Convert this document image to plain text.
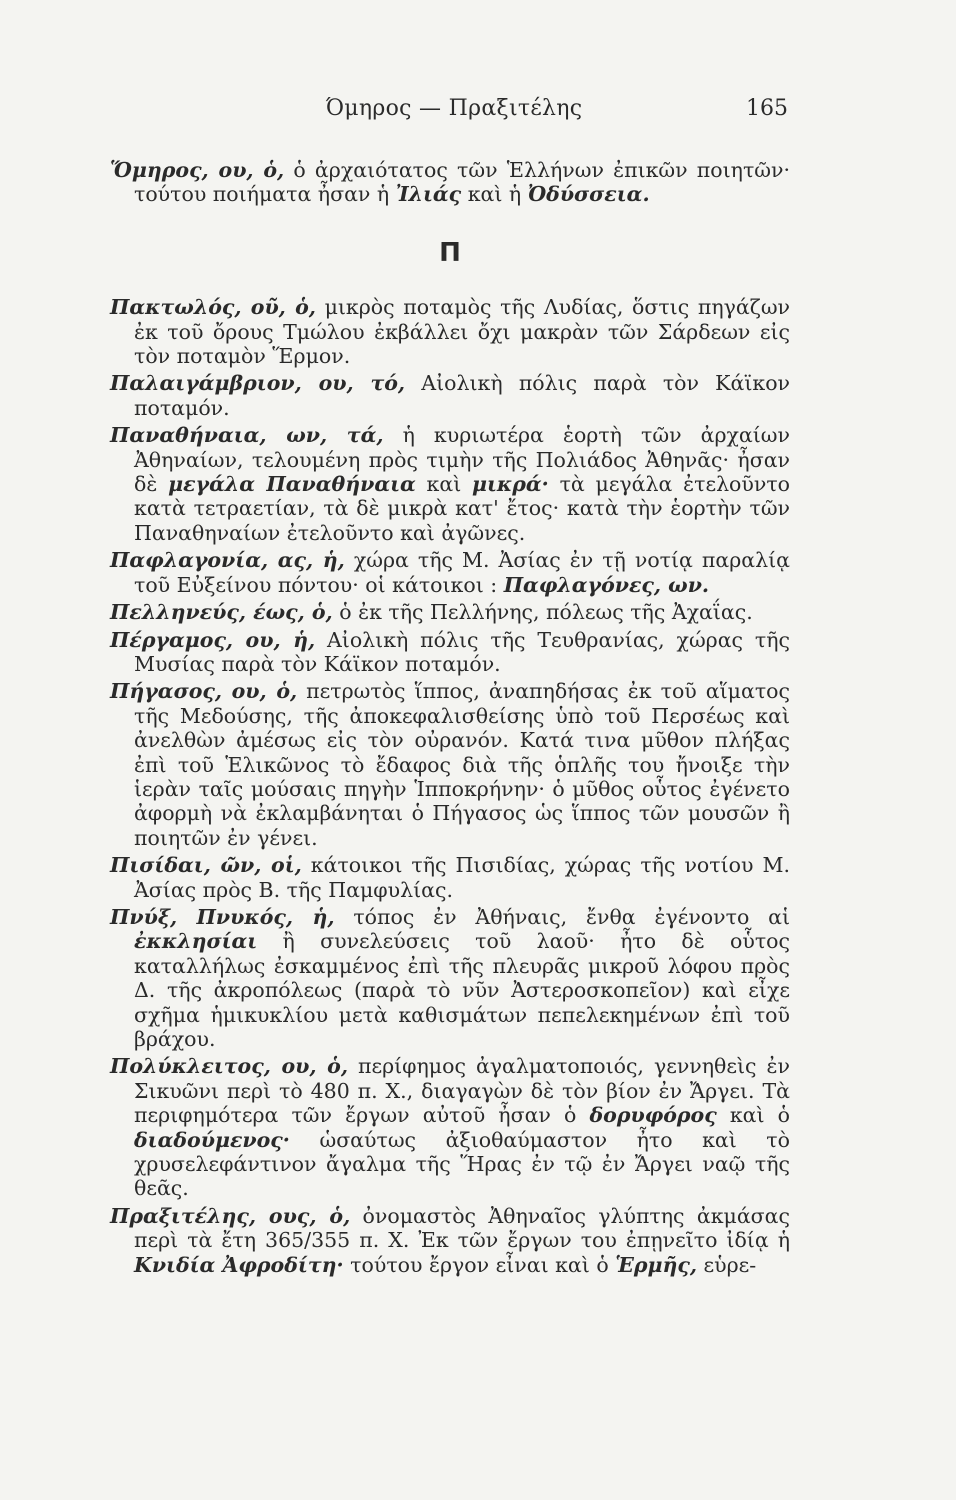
Όμηρος — Πραξιτέλης	165

Ὅμηρος, ου, ὁ, ὁ ἀρχαιότατος τῶν Ἑλλήνων ἐπικῶν ποιητῶν· τούτου ποιήματα ἦσαν ἡ Ἰλιάς καὶ ἡ Ὀδύσσεια.

Π

Πακτωλός, οῦ, ὁ, μικρὸς ποταμὸς τῆς Λυδίας, ὅστις πηγάζων ἐκ τοῦ ὄρους Τμώλου ἐκβάλλει ὄχι μακρὰν τῶν Σάρδεων εἰς τὸν ποταμὸν Ἕρμον.

Παλαιγάμβριον, ου, τό, Αἰολικὴ πόλις παρὰ τὸν Κάϊκον ποταμόν.

Παναθήναια, ων, τά, ἡ κυριωτέρα ἑορτὴ τῶν ἀρχαίων Ἀθηναίων, τελουμένη πρὸς τιμὴν τῆς Πολιάδος Ἀθηνᾶς· ἦσαν δὲ μεγάλα Παναθήναια καὶ μικρά· τὰ μεγάλα ἐτελοῦντο κατὰ τετραετίαν, τὰ δὲ μικρὰ κατ' ἔτος· κατὰ τὴν ἑορτὴν τῶν Παναθηναίων ἐτελοῦντο καὶ ἀγῶνες.

Παφλαγονία, ας, ἡ, χώρα τῆς Μ. Ἀσίας ἐν τῇ νοτίᾳ παραλίᾳ τοῦ Εὐξείνου πόντου· οἱ κάτοικοι : Παφλαγόνες, ων.

Πελληνεύς, έως, ὁ, ὁ ἐκ τῆς Πελλήνης, πόλεως τῆς Ἀχαΐας.

Πέργαμος, ου, ἡ, Αἰολικὴ πόλις τῆς Τευθρανίας, χώρας τῆς Μυσίας παρὰ τὸν Κάϊκον ποταμόν.

Πήγασος, ου, ὁ, πετρωτὸς ἵππος, ἀναπηδήσας ἐκ τοῦ αἵματος τῆς Μεδούσης, τῆς ἀποκεφαλισθείσης ὑπὸ τοῦ Περσέως καὶ ἀνελθὼν ἀμέσως εἰς τὸν οὐρανόν. Κατά τινα μῦθον πλήξας ἐπὶ τοῦ Ἑλικῶνος τὸ ἔδαφος διὰ τῆς ὁπλῆς του ἤνοιξε τὴν ἱερὰν ταῖς μούσαις πηγὴν Ἱπποκρήνην· ὁ μῦθος οὗτος ἐγένετο ἀφορμὴ νὰ ἐκλαμβάνηται ὁ Πήγασος ὡς ἵππος τῶν μουσῶν ἢ ποιητῶν ἐν γένει.

Πισίδαι, ῶν, οἱ, κάτοικοι τῆς Πισιδίας, χώρας τῆς νοτίου Μ. Ἀσίας πρὸς Β. τῆς Παμφυλίας.

Πνύξ, Πνυκός, ἡ, τόπος ἐν Ἀθήναις, ἔνθα ἐγένοντο αἱ ἐκκλησίαι ἢ συνελεύσεις τοῦ λαοῦ· ἦτο δὲ οὗτος καταλλήλως ἐσκαμμένος ἐπὶ τῆς πλευρᾶς μικροῦ λόφου πρὸς Δ. τῆς ἀκροπόλεως (παρὰ τὸ νῦν Ἀστεροσκοπεῖον) καὶ εἶχε σχῆμα ἡμικυκλίου μετὰ καθισμάτων πεπελεκημένων ἐπὶ τοῦ βράχου.

Πολύκλειτος, ου, ὁ, περίφημος ἀγαλματοποιός, γεννηθεὶς ἐν Σικυῶνι περὶ τὸ 480 π. Χ., διαγαγὼν δὲ τὸν βίον ἐν Ἄργει. Τὰ περιφημότερα τῶν ἔργων αὐτοῦ ἦσαν ὁ δορυφόρος καὶ ὁ διαδούμενος· ὡσαύτως ἀξιοθαύμαστον ἦτο καὶ τὸ χρυσελεφάντινον ἄγαλμα τῆς Ἥρας ἐν τῷ ἐν Ἄργει ναῷ τῆς θεᾶς.

Πραξιτέλης, ους, ὁ, ὀνομαστὸς Ἀθηναῖος γλύπτης ἀκμάσας περὶ τὰ ἔτη 365/355 π. Χ. Ἐκ τῶν ἔργων του ἐπῃνεῖτο ἰδίᾳ ἡ Κνιδία Ἀφροδίτη· τούτου ἔργον εἶναι καὶ ὁ Ἑρμῆς, εὑρε-
